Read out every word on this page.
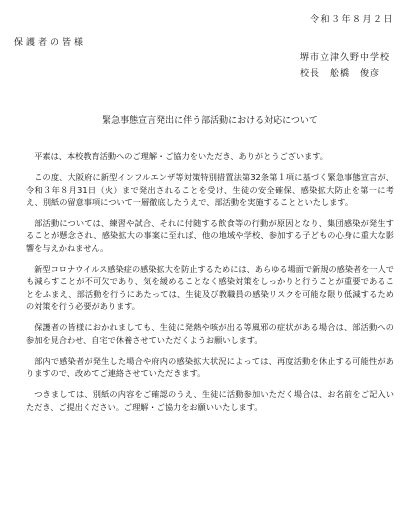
令和３年８月２日
保護者の皆様
堺市立津久野中学校
校長　舩橋　俊彦
緊急事態宣言発出に伴う部活動における対応について

平素は、本校教育活動へのご理解・ご協力をいただき、ありがとうございます。

この度、大阪府に新型インフルエンザ等対策特別措置法第32条第１項に基づく緊急事態宣言が、令和３年８月31日（火）まで発出されることを受け、生徒の安全確保、感染拡大防止を第一に考え、別紙の留意事項について一層徹底したうえで、部活動を実施することといたします。

部活動については、練習や試合、それに付随する飲食等の行動が原因となり、集団感染が発生することが懸念され、感染拡大の事案に至れば、他の地域や学校、参加する子どもの心身に重大な影響を与えかねません。

新型コロナウイルス感染症の感染拡大を防止するためには、あらゆる場面で新規の感染者を一人でも減らすことが不可欠であり、気を緩めることなく感染対策をしっかりと行うことが重要であることをふまえ、部活動を行うにあたっては、生徒及び教職員の感染リスクを可能な限り低減するための対策を行う必要があります。

保護者の皆様におかれましても、生徒に発熱や咳が出る等風邪の症状がある場合は、部活動への参加を見合わせ、自宅で休養させていただくようお願いします。

部内で感染者が発生した場合や府内の感染拡大状況によっては、再度活動を休止する可能性がありますので、改めてご連絡させていただきます。

つきましては、別紙の内容をご確認のうえ、生徒に活動参加いただく場合は、お名前をご記入いただき、ご提出ください。ご理解・ご協力をお願いいたします。
